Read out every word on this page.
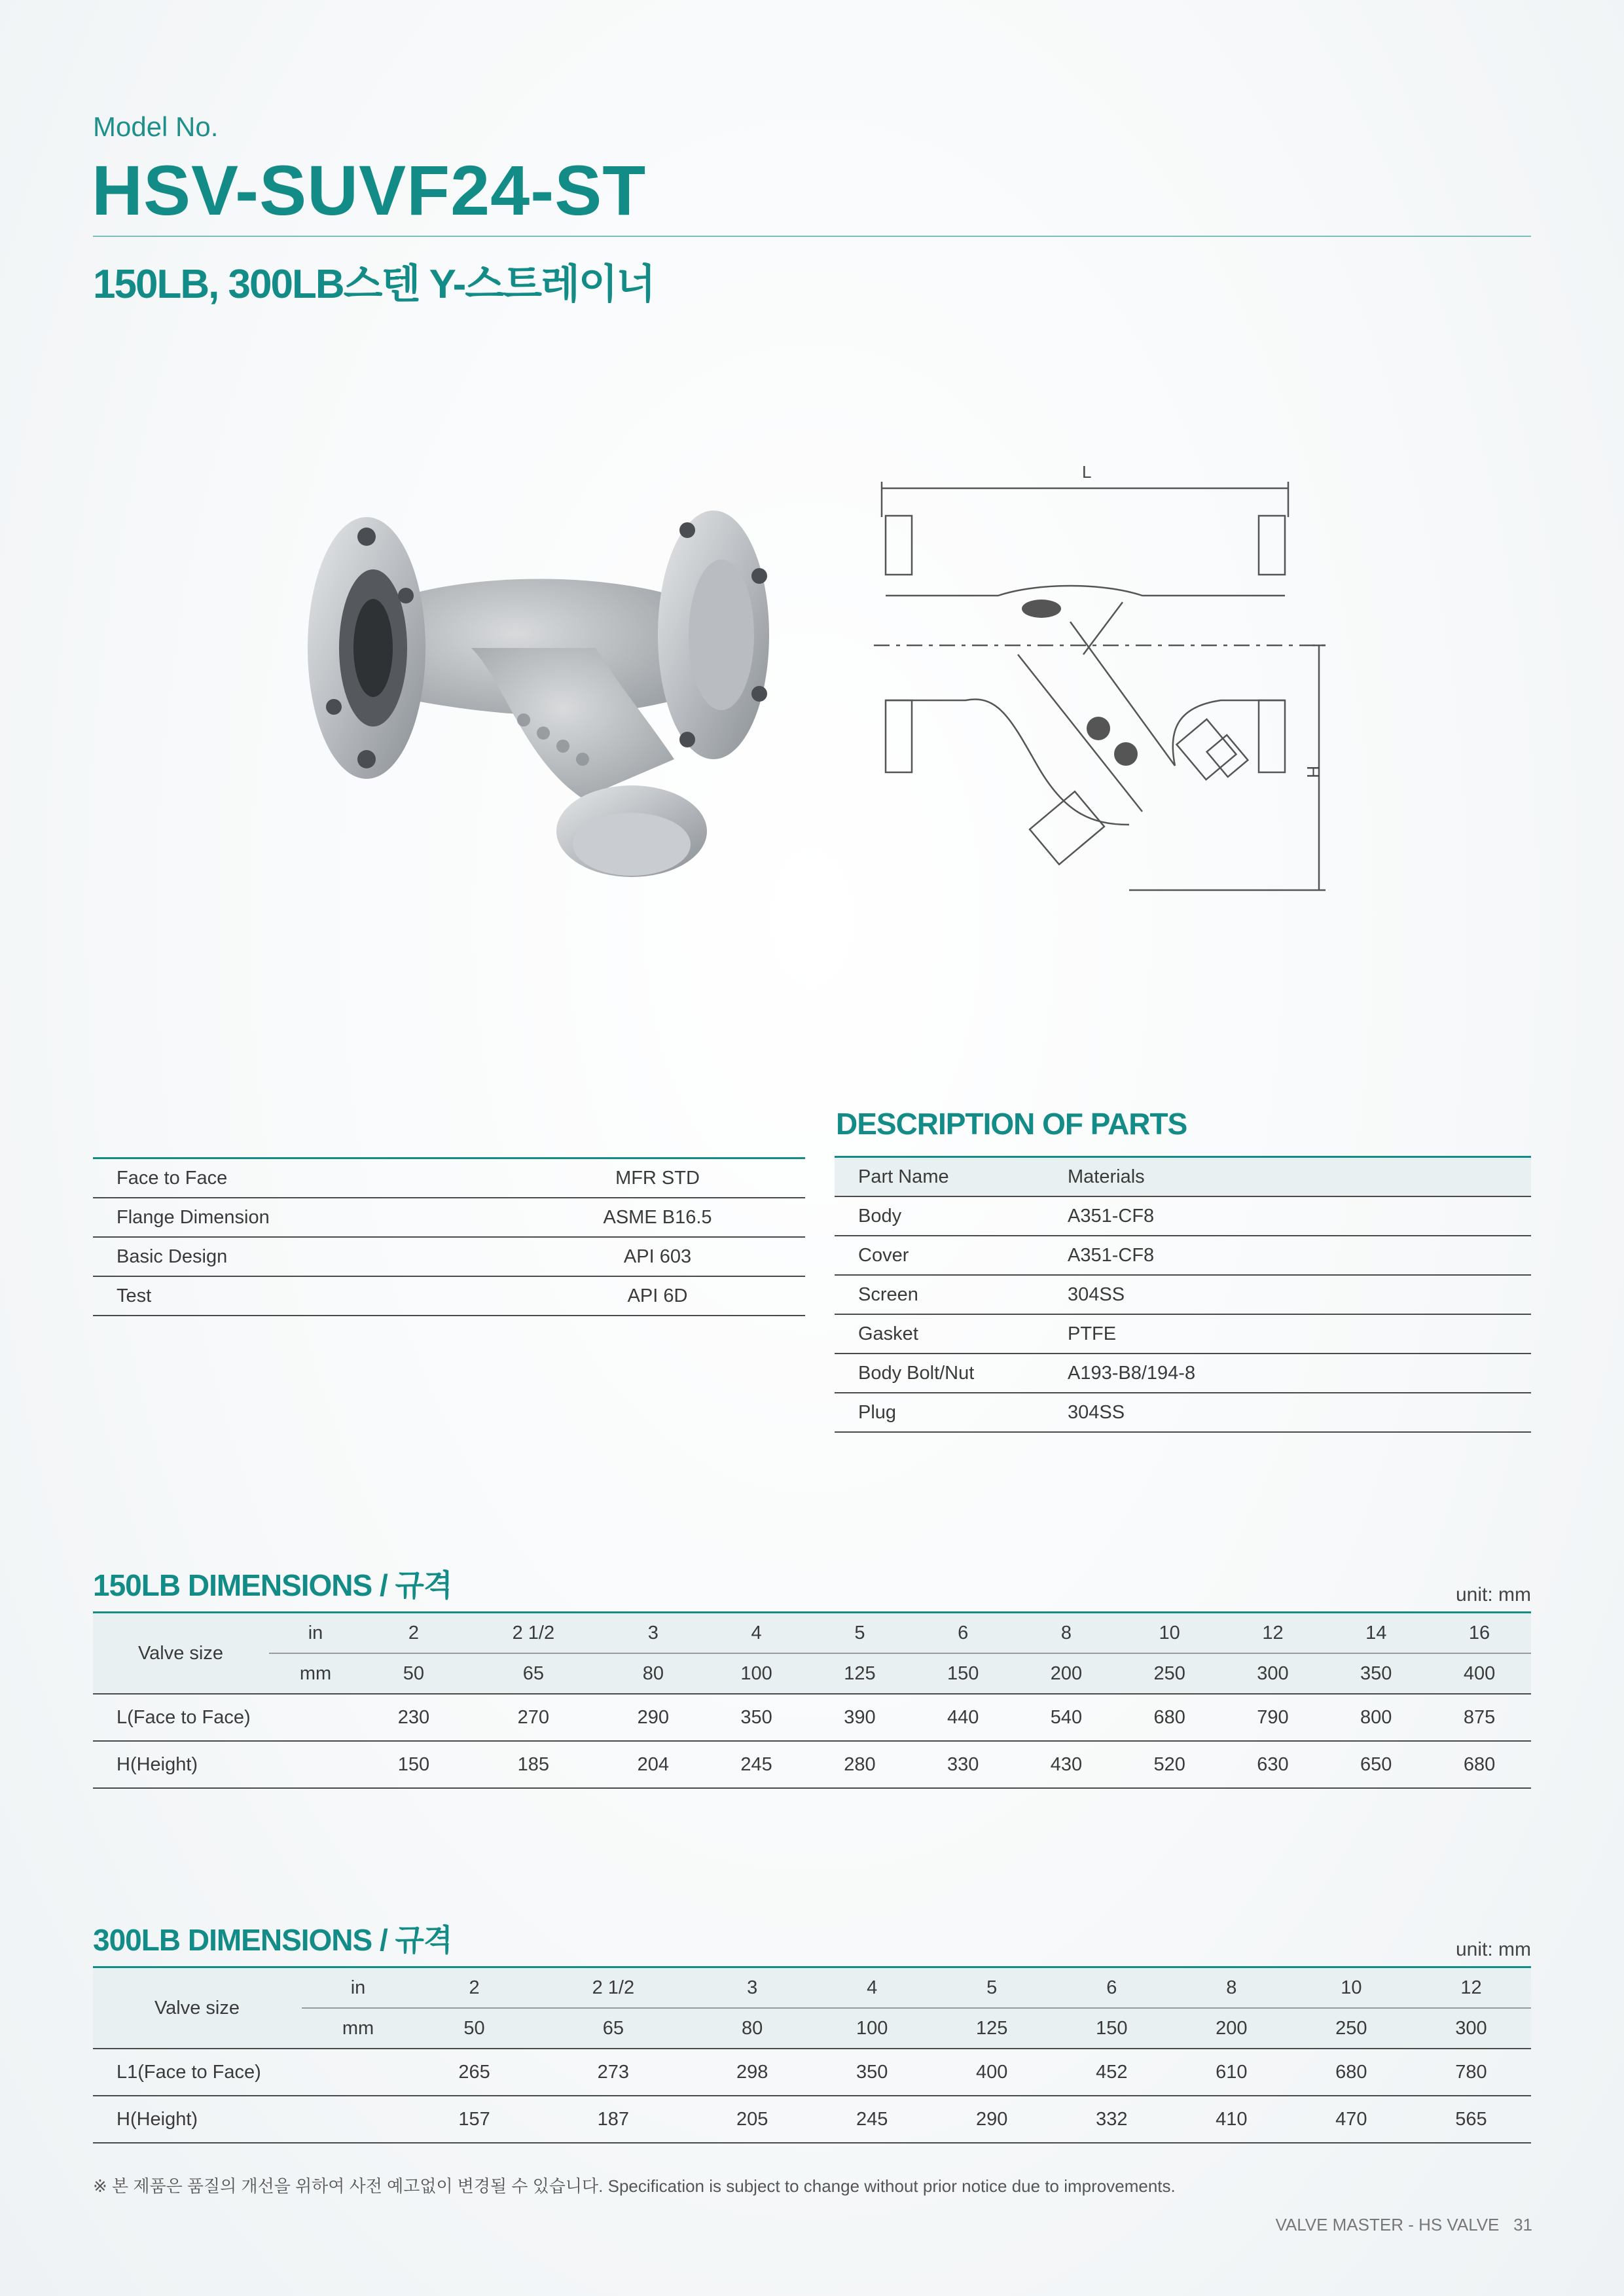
Model No.
HSV-SUVF24-ST
150LB, 300LB스텐 Y-스트레이너
L
H
Face to Face	MFR STD
Flange Dimension	ASME B16.5
Basic Design	API 603
Test	API 6D
DESCRIPTION OF PARTS
Part Name	Materials
Body	A351-CF8
Cover	A351-CF8
Screen	304SS
Gasket	PTFE
Body Bolt/Nut	A193-B8/194-8
Plug	304SS
150LB DIMENSIONS / 규격	unit: mm
Valve size	in	2	2 1/2	3	4	5	6	8	10	12	14	16
	mm	50	65	80	100	125	150	200	250	300	350	400
L(Face to Face)		230	270	290	350	390	440	540	680	790	800	875
H(Height)		150	185	204	245	280	330	430	520	630	650	680
300LB DIMENSIONS / 규격	unit: mm
Valve size	in	2	2 1/2	3	4	5	6	8	10	12
	mm	50	65	80	100	125	150	200	250	300
L1(Face to Face)		265	273	298	350	400	452	610	680	780
H(Height)		157	187	205	245	290	332	410	470	565
※ 본 제품은 품질의 개선을 위하여 사전 예고없이 변경될 수 있습니다. Specification is subject to change without prior notice due to improvements.
VALVE MASTER - HS VALVE 31
